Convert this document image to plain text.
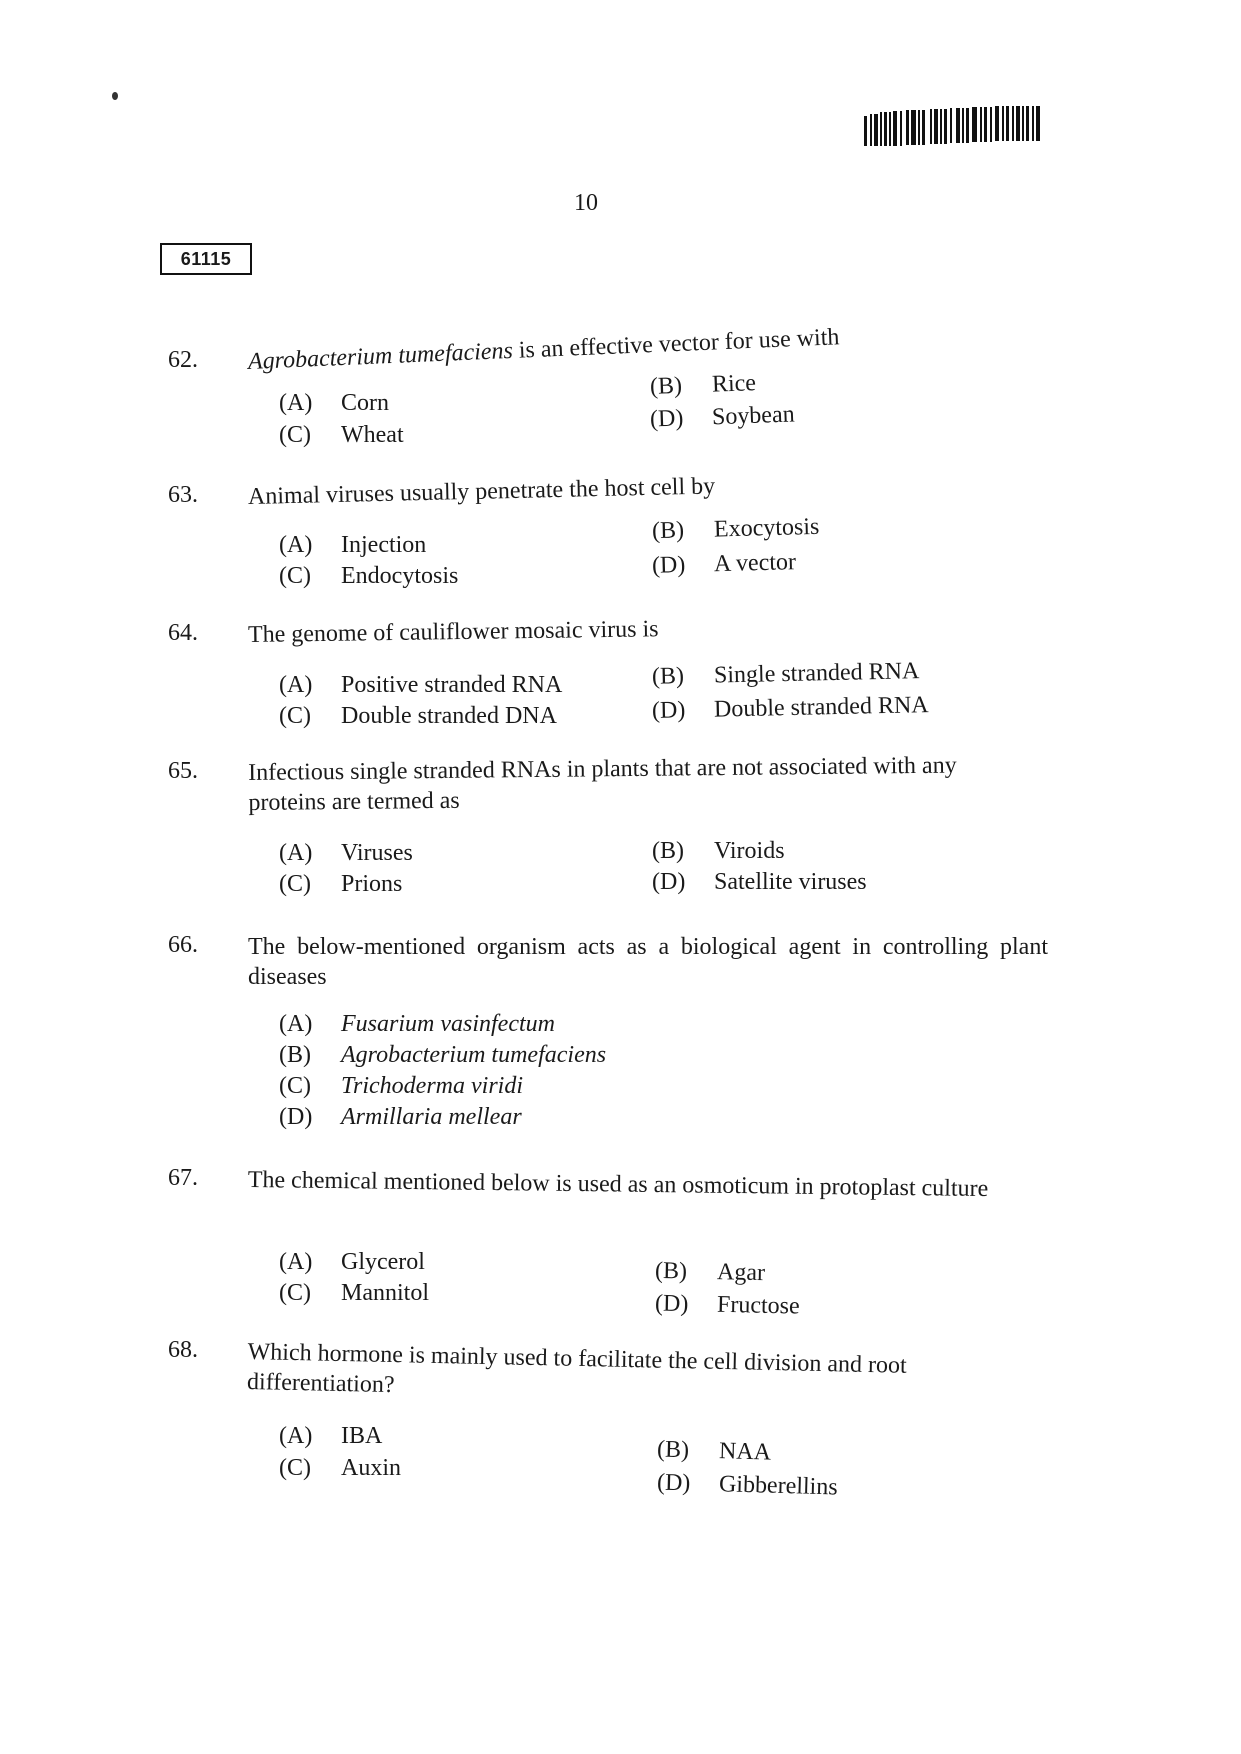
10
61115
62.	Agrobacterium tumefaciens is an effective vector for use with
(A) Corn
(C) Wheat
(B) Rice
(D) Soybean
63.	Animal viruses usually penetrate the host cell by
(A) Injection
(C) Endocytosis
(B) Exocytosis
(D) A vector
64.	The genome of cauliflower mosaic virus is
(A) Positive stranded RNA
(C) Double stranded DNA
(B) Single stranded RNA
(D) Double stranded RNA
65.	Infectious single stranded RNAs in plants that are not associated with any proteins are termed as
(A) Viruses
(C) Prions
(B) Viroids
(D) Satellite viruses
66.	The below-mentioned organism acts as a biological agent in controlling plant diseases
(A) Fusarium vasinfectum
(B) Agrobacterium tumefaciens
(C) Trichoderma viridi
(D) Armillaria mellear
67.	The chemical mentioned below is used as an osmoticum in protoplast culture
(A) Glycerol
(C) Mannitol
(B) Agar
(D) Fructose
68.	Which hormone is mainly used to facilitate the cell division and root differentiation?
(A) IBA
(C) Auxin
(B) NAA
(D) Gibberellins
